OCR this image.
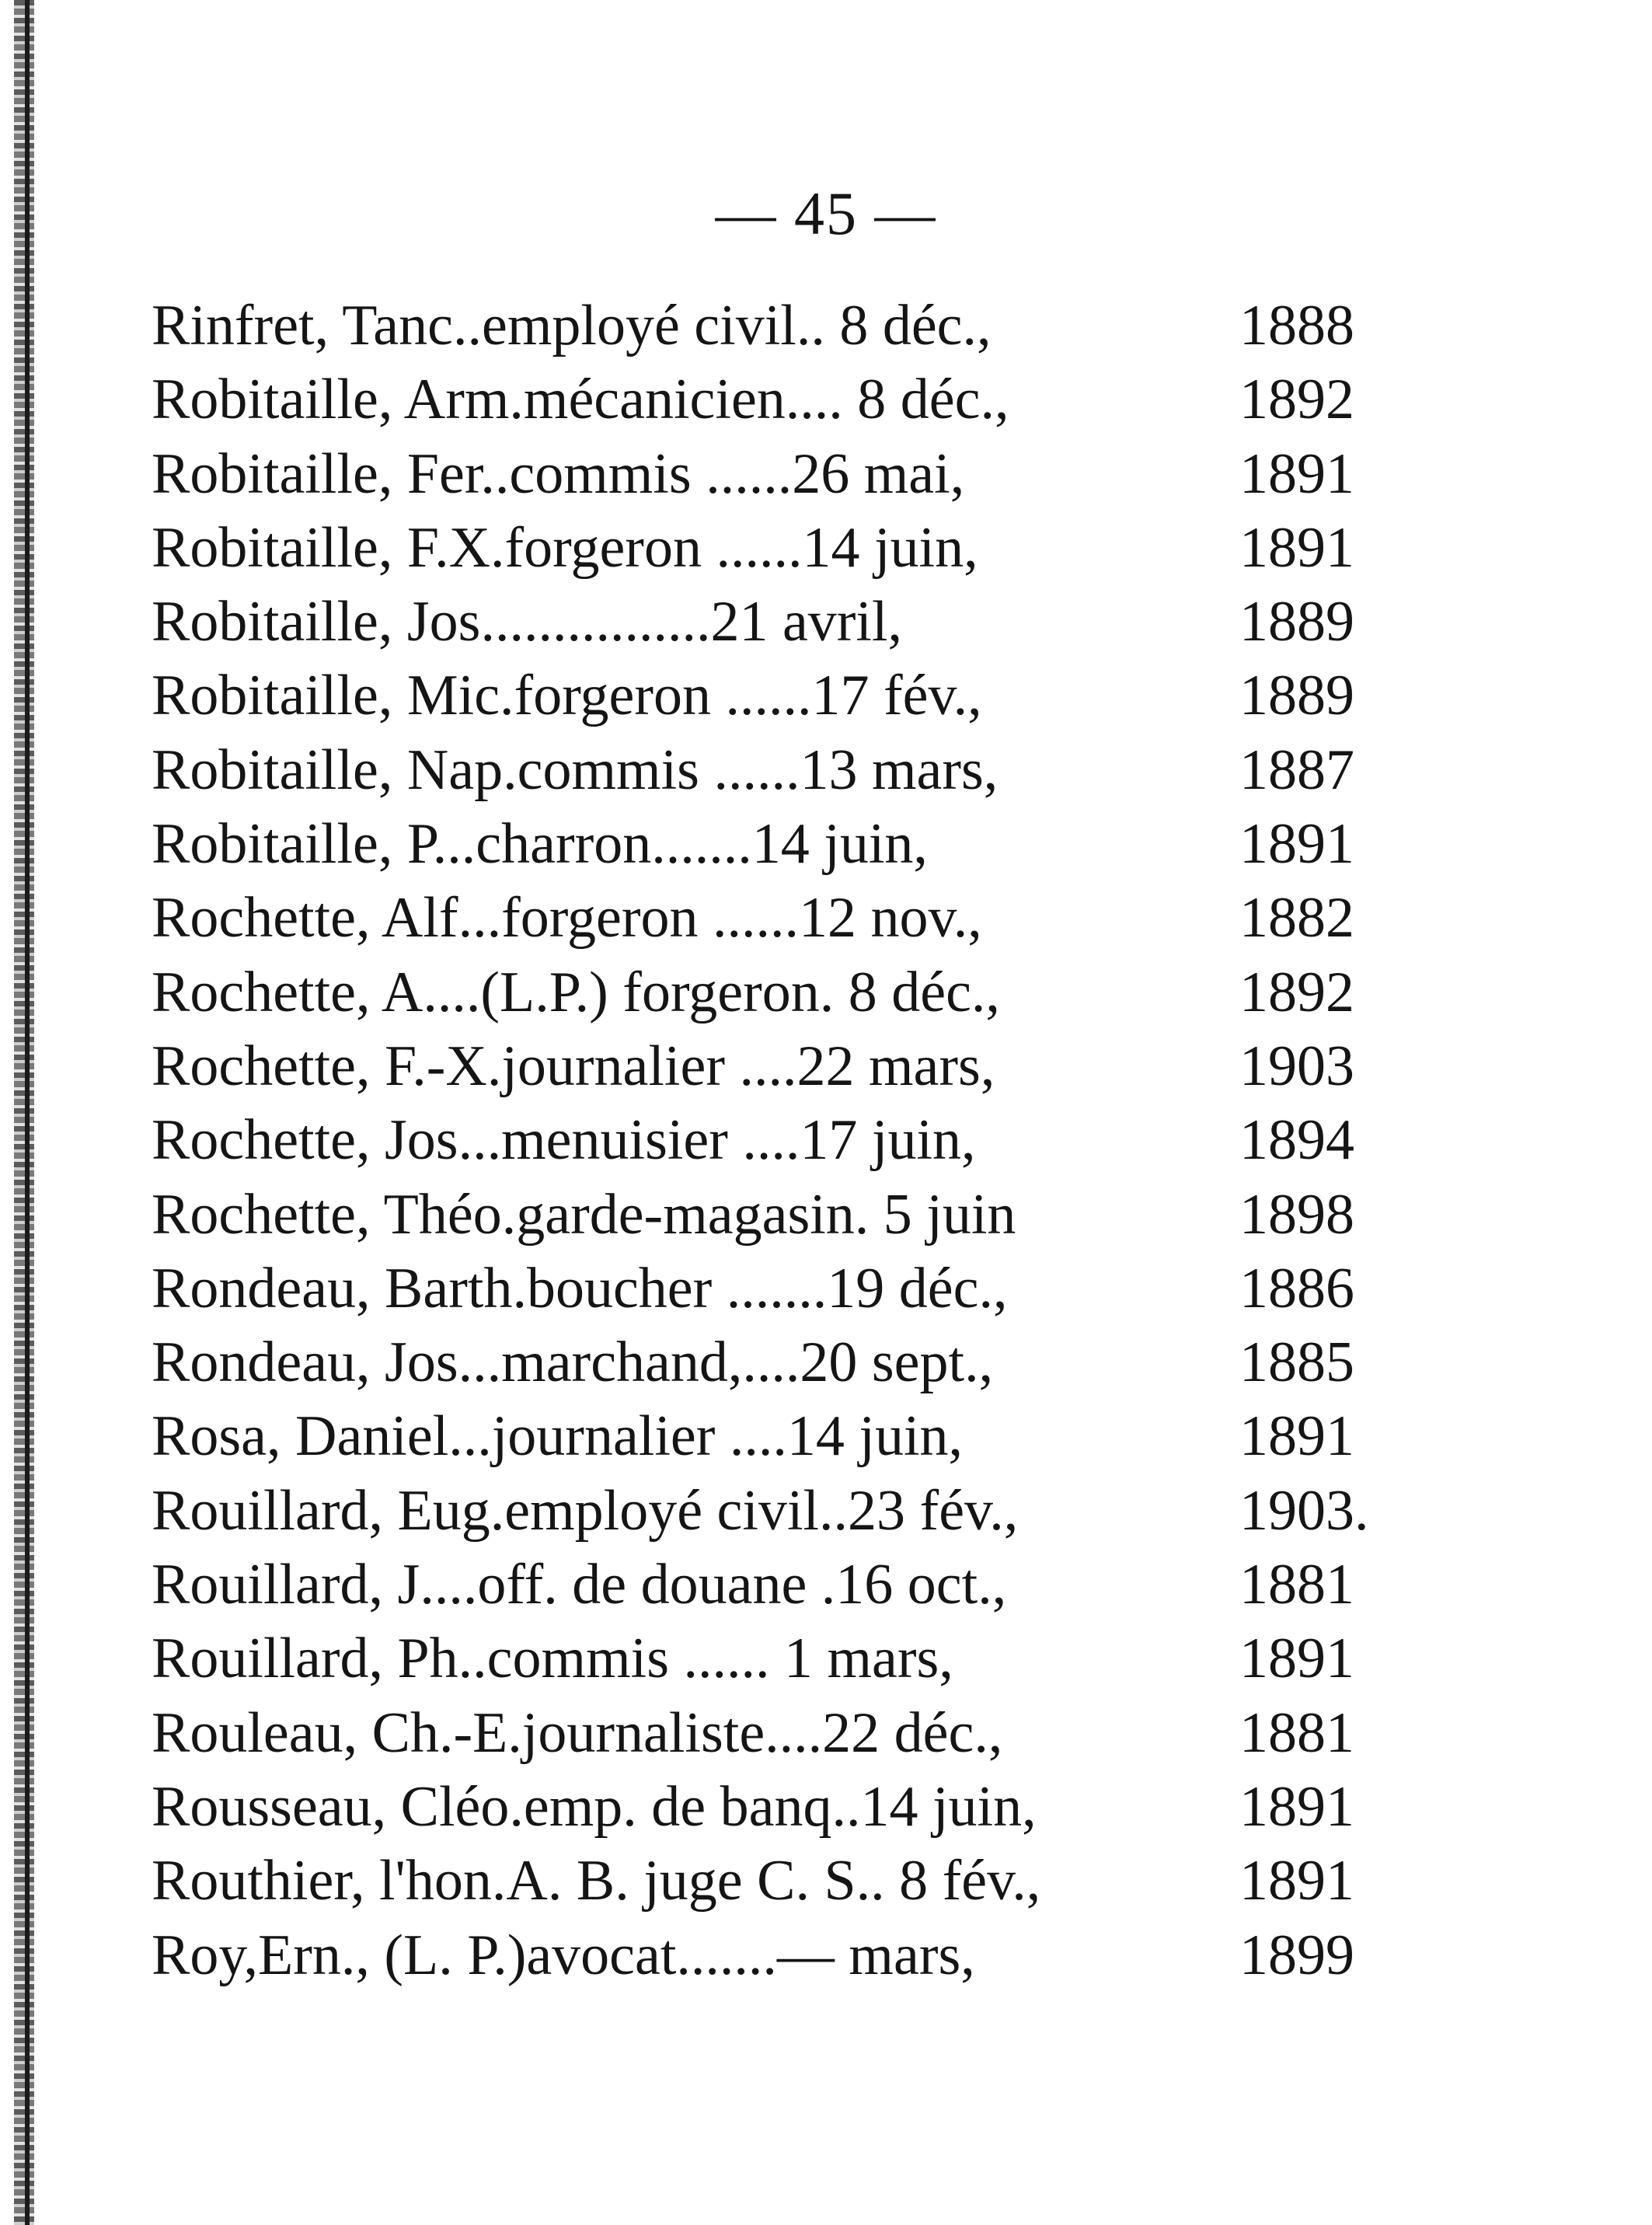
— 45 —
Rinfret, Tanc..employé civil.. 8 déc.,	1888
Robitaille, Arm.mécanicien.... 8 déc.,	1892
Robitaille, Fer..commis ......26 mai,	1891
Robitaille, F.X.forgeron ......14 juin,	1891
Robitaille, Jos................21 avril,	1889
Robitaille, Mic.forgeron ......17 fév.,	1889
Robitaille, Nap.commis ......13 mars,	1887
Robitaille, P...charron.......14 juin,	1891
Rochette, Alf...forgeron ......12 nov.,	1882
Rochette, A....(L.P.) forgeron. 8 déc.,	1892
Rochette, F.-X.journalier ....22 mars,	1903
Rochette, Jos...menuisier ....17 juin,	1894
Rochette, Théo.garde-magasin. 5 juin	1898
Rondeau, Barth.boucher .......19 déc.,	1886
Rondeau, Jos...marchand,....20 sept.,	1885
Rosa, Daniel...journalier ....14 juin,	1891
Rouillard, Eug.employé civil..23 fév.,	1903.
Rouillard, J....off. de douane .16 oct.,	1881
Rouillard, Ph..commis ...... 1 mars,	1891
Rouleau, Ch.-E.journaliste....22 déc.,	1881
Rousseau, Cléo.emp. de banq..14 juin,	1891
Routhier, l'hon.A. B. juge C. S.. 8 fév.,	1891
Roy,Ern., (L. P.)avocat.......— mars,	1899
